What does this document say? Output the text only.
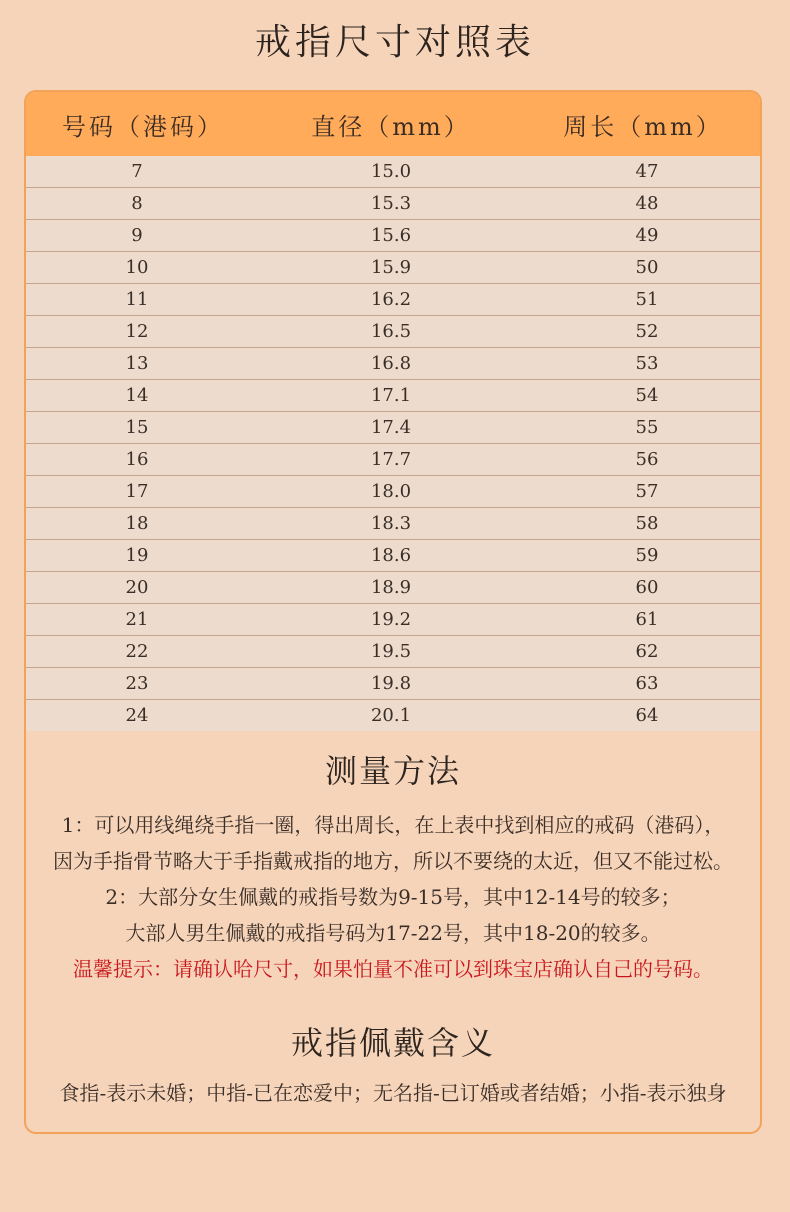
戒指尺寸对照表
号码（港码）	直径（mm）	周长（mm）
7	15.0	47
8	15.3	48
9	15.6	49
10	15.9	50
11	16.2	51
12	16.5	52
13	16.8	53
14	17.1	54
15	17.4	55
16	17.7	56
17	18.0	57
18	18.3	58
19	18.6	59
20	18.9	60
21	19.2	61
22	19.5	62
23	19.8	63
24	20.1	64
测量方法
1：可以用线绳绕手指一圈，得出周长，在上表中找到相应的戒码（港码），
因为手指骨节略大于手指戴戒指的地方，所以不要绕的太近，但又不能过松。
2：大部分女生佩戴的戒指号数为9-15号，其中12-14号的较多；
大部人男生佩戴的戒指号码为17-22号，其中18-20的较多。
温馨提示：请确认哈尺寸，如果怕量不准可以到珠宝店确认自己的号码。
戒指佩戴含义
食指-表示未婚；中指-已在恋爱中；无名指-已订婚或者结婚；小指-表示独身
